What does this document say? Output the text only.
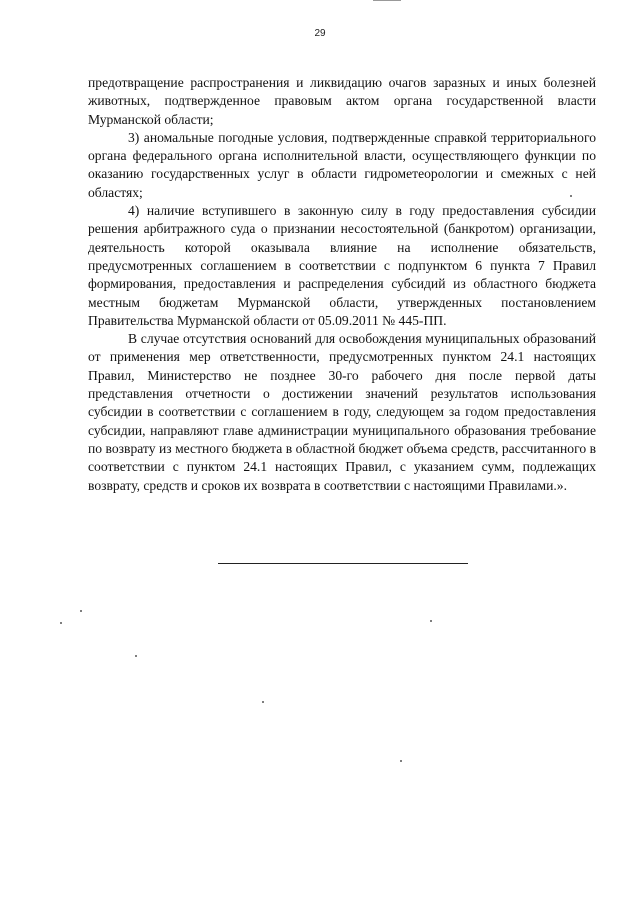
29

предотвращение распространения и ликвидацию очагов заразных и иных болезней животных, подтвержденное правовым актом органа государственной власти Мурманской области;

3) аномальные погодные условия, подтвержденные справкой территориального органа федерального органа исполнительной власти, осуществляющего функции по оказанию государственных услуг в области гидрометеорологии и смежных с ней областях;

4) наличие вступившего в законную силу в году предоставления субсидии решения арбитражного суда о признании несостоятельной (банкротом) организации, деятельность которой оказывала влияние на исполнение обязательств, предусмотренных соглашением в соответствии с подпунктом 6 пункта 7 Правил формирования, предоставления и распределения субсидий из областного бюджета местным бюджетам Мурманской области, утвержденных постановлением Правительства Мурманской области от 05.09.2011 № 445-ПП.

В случае отсутствия оснований для освобождения муниципальных образований от применения мер ответственности, предусмотренных пунктом 24.1 настоящих Правил, Министерство не позднее 30-го рабочего дня после первой даты представления отчетности о достижении значений результатов использования субсидии в соответствии с соглашением в году, следующем за годом предоставления субсидии, направляют главе администрации муниципального образования требование по возврату из местного бюджета в областной бюджет объема средств, рассчитанного в соответствии с пунктом 24.1 настоящих Правил, с указанием сумм, подлежащих возврату, средств и сроков их возврата в соответствии с настоящими Правилами.».
